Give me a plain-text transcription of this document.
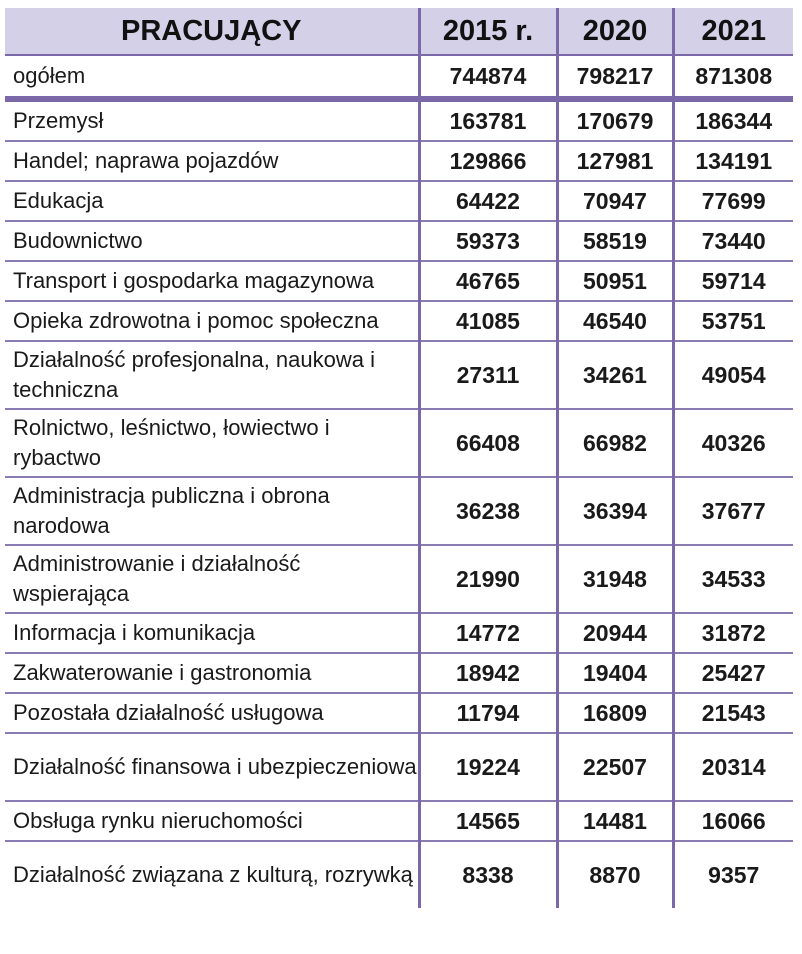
PRACUJĄCY	2015 r.	2020	2021
ogółem	744874	798217	871308
Przemysł	163781	170679	186344
Handel; naprawa pojazdów	129866	127981	134191
Edukacja	64422	70947	77699
Budownictwo	59373	58519	73440
Transport i gospodarka magazynowa	46765	50951	59714
Opieka zdrowotna i pomoc społeczna	41085	46540	53751
Działalność profesjonalna, naukowa i techniczna	27311	34261	49054
Rolnictwo, leśnictwo, łowiectwo i rybactwo	66408	66982	40326
Administracja publiczna i obrona narodowa	36238	36394	37677
Administrowanie i działalność wspierająca	21990	31948	34533
Informacja i komunikacja	14772	20944	31872
Zakwaterowanie i gastronomia	18942	19404	25427
Pozostała działalność usługowa	11794	16809	21543
Działalność finansowa i ubezpieczeniowa	19224	22507	20314
Obsługa rynku nieruchomości	14565	14481	16066
Działalność związana z kulturą, rozrywką	8338	8870	9357
